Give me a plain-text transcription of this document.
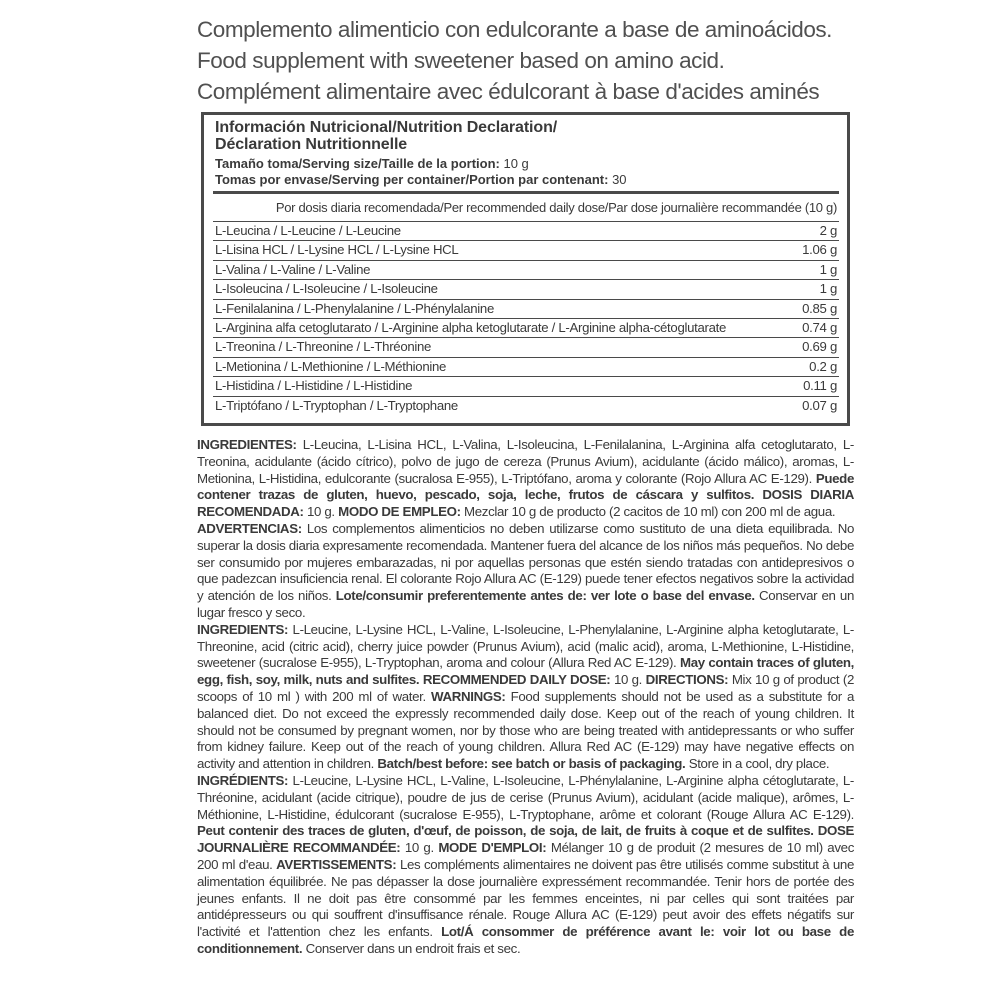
Complemento alimenticio con edulcorante a base de aminoácidos.
Food supplement with sweetener based on amino acid.
Complément alimentaire avec édulcorant à base d'acides aminés
Información Nutricional/Nutrition Declaration/
Déclaration Nutritionnelle
Tamaño toma/Serving size/Taille de la portion: 10 g
Tomas por envase/Serving per container/Portion par contenant: 30
Por dosis diaria recomendada/Per recommended daily dose/Par dose journalière recommandée (10 g)
L-Leucina / L-Leucine / L-Leucine	2 g
L-Lisina HCL / L-Lysine HCL / L-Lysine HCL	1.06 g
L-Valina / L-Valine / L-Valine	1 g
L-Isoleucina / L-Isoleucine / L-Isoleucine	1 g
L-Fenilalanina / L-Phenylalanine / L-Phénylalanine	0.85 g
L-Arginina alfa cetoglutarato / L-Arginine alpha ketoglutarate / L-Arginine alpha-cétoglutarate	0.74 g
L-Treonina / L-Threonine / L-Thréonine	0.69 g
L-Metionina / L-Methionine / L-Méthionine	0.2 g
L-Histidina / L-Histidine / L-Histidine	0.11 g
L-Triptófano / L-Tryptophan / L-Tryptophane	0.07 g

INGREDIENTES: L-Leucina, L-Lisina HCL, L-Valina, L-Isoleucina, L-Fenilalanina, L-Arginina alfa cetoglutarato, L-Treonina, acidulante (ácido cítrico), polvo de jugo de cereza (Prunus Avium), acidulante (ácido málico), aromas, L-Metionina, L-Histidina, edulcorante (sucralosa E-955), L-Triptófano, aroma y colorante (Rojo Allura AC E-129). Puede contener trazas de gluten, huevo, pescado, soja, leche, frutos de cáscara y sulfitos. DOSIS DIARIA RECOMENDADA: 10 g. MODO DE EMPLEO: Mezclar 10 g de producto (2 cacitos de 10 ml) con 200 ml de agua.
ADVERTENCIAS: Los complementos alimenticios no deben utilizarse como sustituto de una dieta equilibrada. No superar la dosis diaria expresamente recomendada. Mantener fuera del alcance de los niños más pequeños. No debe ser consumido por mujeres embarazadas, ni por aquellas personas que estén siendo tratadas con antidepresivos o que padezcan insuficiencia renal. El colorante Rojo Allura AC (E-129) puede tener efectos negativos sobre la actividad y atención de los niños. Lote/consumir preferentemente antes de: ver lote o base del envase. Conservar en un lugar fresco y seco.

INGREDIENTS: L-Leucine, L-Lysine HCL, L-Valine, L-Isoleucine, L-Phenylalanine, L-Arginine alpha ketoglutarate, L-Threonine, acid (citric acid), cherry juice powder (Prunus Avium), acid (malic acid), aroma, L-Methionine, L-Histidine, sweetener (sucralose E-955), L-Tryptophan, aroma and colour (Allura Red AC E-129). May contain traces of gluten, egg, fish, soy, milk, nuts and sulfites. RECOMMENDED DAILY DOSE: 10 g. DIRECTIONS: Mix 10 g of product (2 scoops of 10 ml ) with 200 ml of water. WARNINGS: Food supplements should not be used as a substitute for a balanced diet. Do not exceed the expressly recommended daily dose. Keep out of the reach of young children. It should not be consumed by pregnant women, nor by those who are being treated with antidepressants or who suffer from kidney failure. Keep out of the reach of young children. Allura Red AC (E-129) may have negative effects on activity and attention in children. Batch/best before: see batch or basis of packaging. Store in a cool, dry place.

INGRÉDIENTS: L-Leucine, L-Lysine HCL, L-Valine, L-Isoleucine, L-Phénylalanine, L-Arginine alpha cétoglutarate, L-Thréonine, acidulant (acide citrique), poudre de jus de cerise (Prunus Avium), acidulant (acide malique), arômes, L-Méthionine, L-Histidine, édulcorant (sucralose E-955), L-Tryptophane, arôme et colorant (Rouge Allura AC E-129). Peut contenir des traces de gluten, d'œuf, de poisson, de soja, de lait, de fruits à coque et de sulfites. DOSE JOURNALIÈRE RECOMMANDÉE: 10 g. MODE D'EMPLOI: Mélanger 10 g de produit (2 mesures de 10 ml) avec 200 ml d'eau. AVERTISSEMENTS: Les compléments alimentaires ne doivent pas être utilisés comme substitut à une alimentation équilibrée. Ne pas dépasser la dose journalière expressément recommandée. Tenir hors de portée des jeunes enfants. Il ne doit pas être consommé par les femmes enceintes, ni par celles qui sont traitées par antidépresseurs ou qui souffrent d'insuffisance rénale. Rouge Allura AC (E-129) peut avoir des effets négatifs sur l'activité et l'attention chez les enfants. Lot/Á consommer de préférence avant le: voir lot ou base de conditionnement. Conserver dans un endroit frais et sec.
